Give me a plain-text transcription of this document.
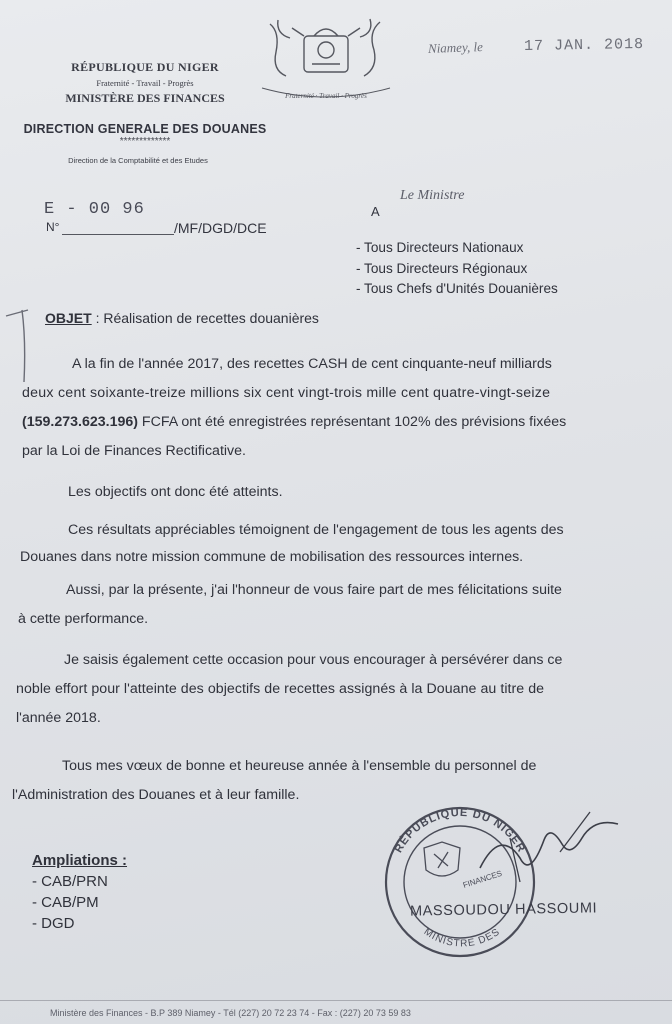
RÉPUBLIQUE DU NIGER
Fraternité - Travail - Progrès
MINISTÈRE DES FINANCES
DIRECTION GENERALE DES DOUANES
*************
Direction de la Comptabilité et des Etudes
Fraternité · Travail · Progrès
Niamey, le	17 JAN. 2018
E - 00 96
N°	/MF/DGD/DCE
A
Le Ministre
- Tous Directeurs Nationaux
- Tous Directeurs Régionaux
- Tous Chefs d'Unités Douanières
OBJET : Réalisation de recettes douanières
A la fin de l'année 2017, des recettes CASH de cent cinquante-neuf milliards
deux cent soixante-treize millions six cent vingt-trois mille cent quatre-vingt-seize
(159.273.623.196) FCFA ont été enregistrées représentant 102% des prévisions fixées
par la Loi de Finances Rectificative.
Les objectifs ont donc été atteints.
Ces résultats appréciables témoignent de l'engagement de tous les agents des
Douanes dans notre mission commune de mobilisation des ressources internes.
Aussi, par la présente, j'ai l'honneur de vous faire part de mes félicitations suite
à cette performance.
Je saisis également cette occasion pour vous encourager à persévérer dans ce
noble effort pour l'atteinte des objectifs de recettes assignés à la Douane au titre de
l'année 2018.
Tous mes vœux de bonne et heureuse année à l'ensemble du personnel de
l'Administration des Douanes et à leur famille.
Ampliations :
- CAB/PRN
- CAB/PM
- DGD
RÉPUBLIQUE DU NIGER
MINISTRE DES
FINANCES
MASSOUDOU HASSOUMI
Ministère des Finances - B.P 389 Niamey - Tél (227) 20 72 23 74 - Fax : (227) 20 73 59 83
